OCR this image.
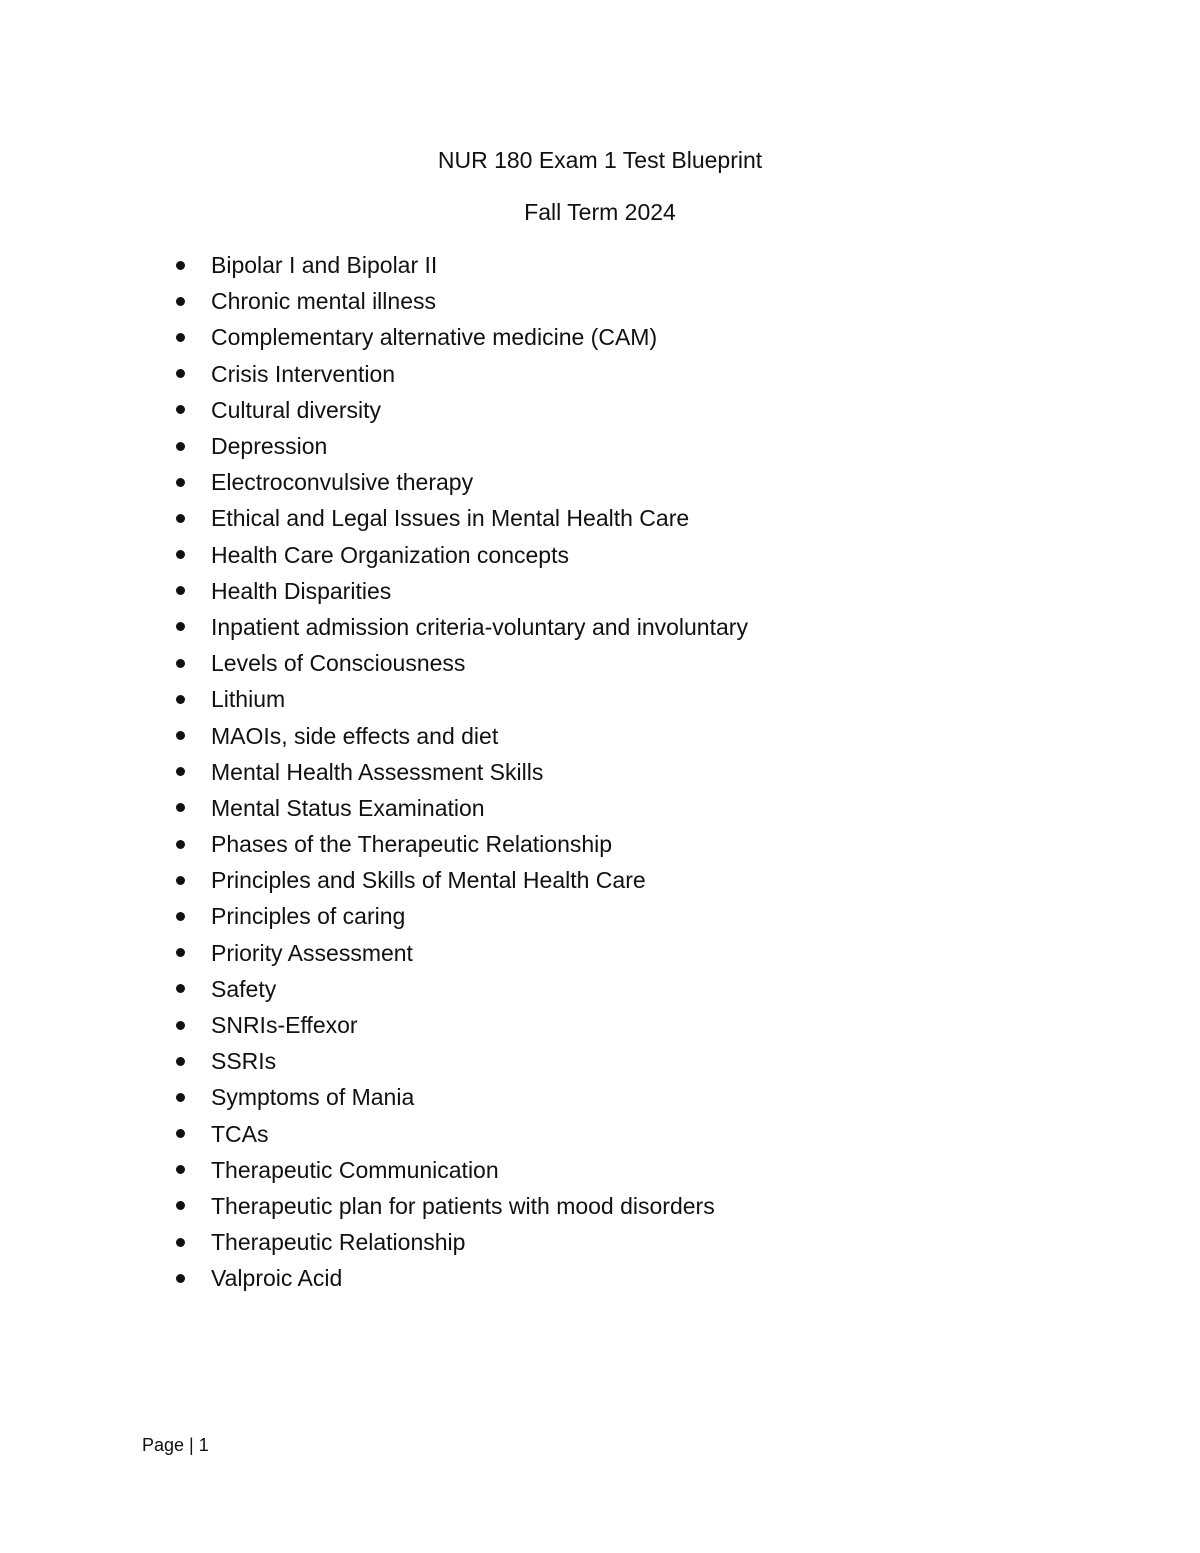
NUR 180 Exam 1 Test Blueprint
Fall Term 2024
Bipolar I and Bipolar II
Chronic mental illness
Complementary alternative medicine (CAM)
Crisis Intervention
Cultural diversity
Depression
Electroconvulsive therapy
Ethical and Legal Issues in Mental Health Care
Health Care Organization concepts
Health Disparities
Inpatient admission criteria-voluntary and involuntary
Levels of Consciousness
Lithium
MAOIs, side effects and diet
Mental Health Assessment Skills
Mental Status Examination
Phases of the Therapeutic Relationship
Principles and Skills of Mental Health Care
Principles of caring
Priority Assessment
Safety
SNRIs-Effexor
SSRIs
Symptoms of Mania
TCAs
Therapeutic Communication
Therapeutic plan for patients with mood disorders
Therapeutic Relationship
Valproic Acid
Page | 1
